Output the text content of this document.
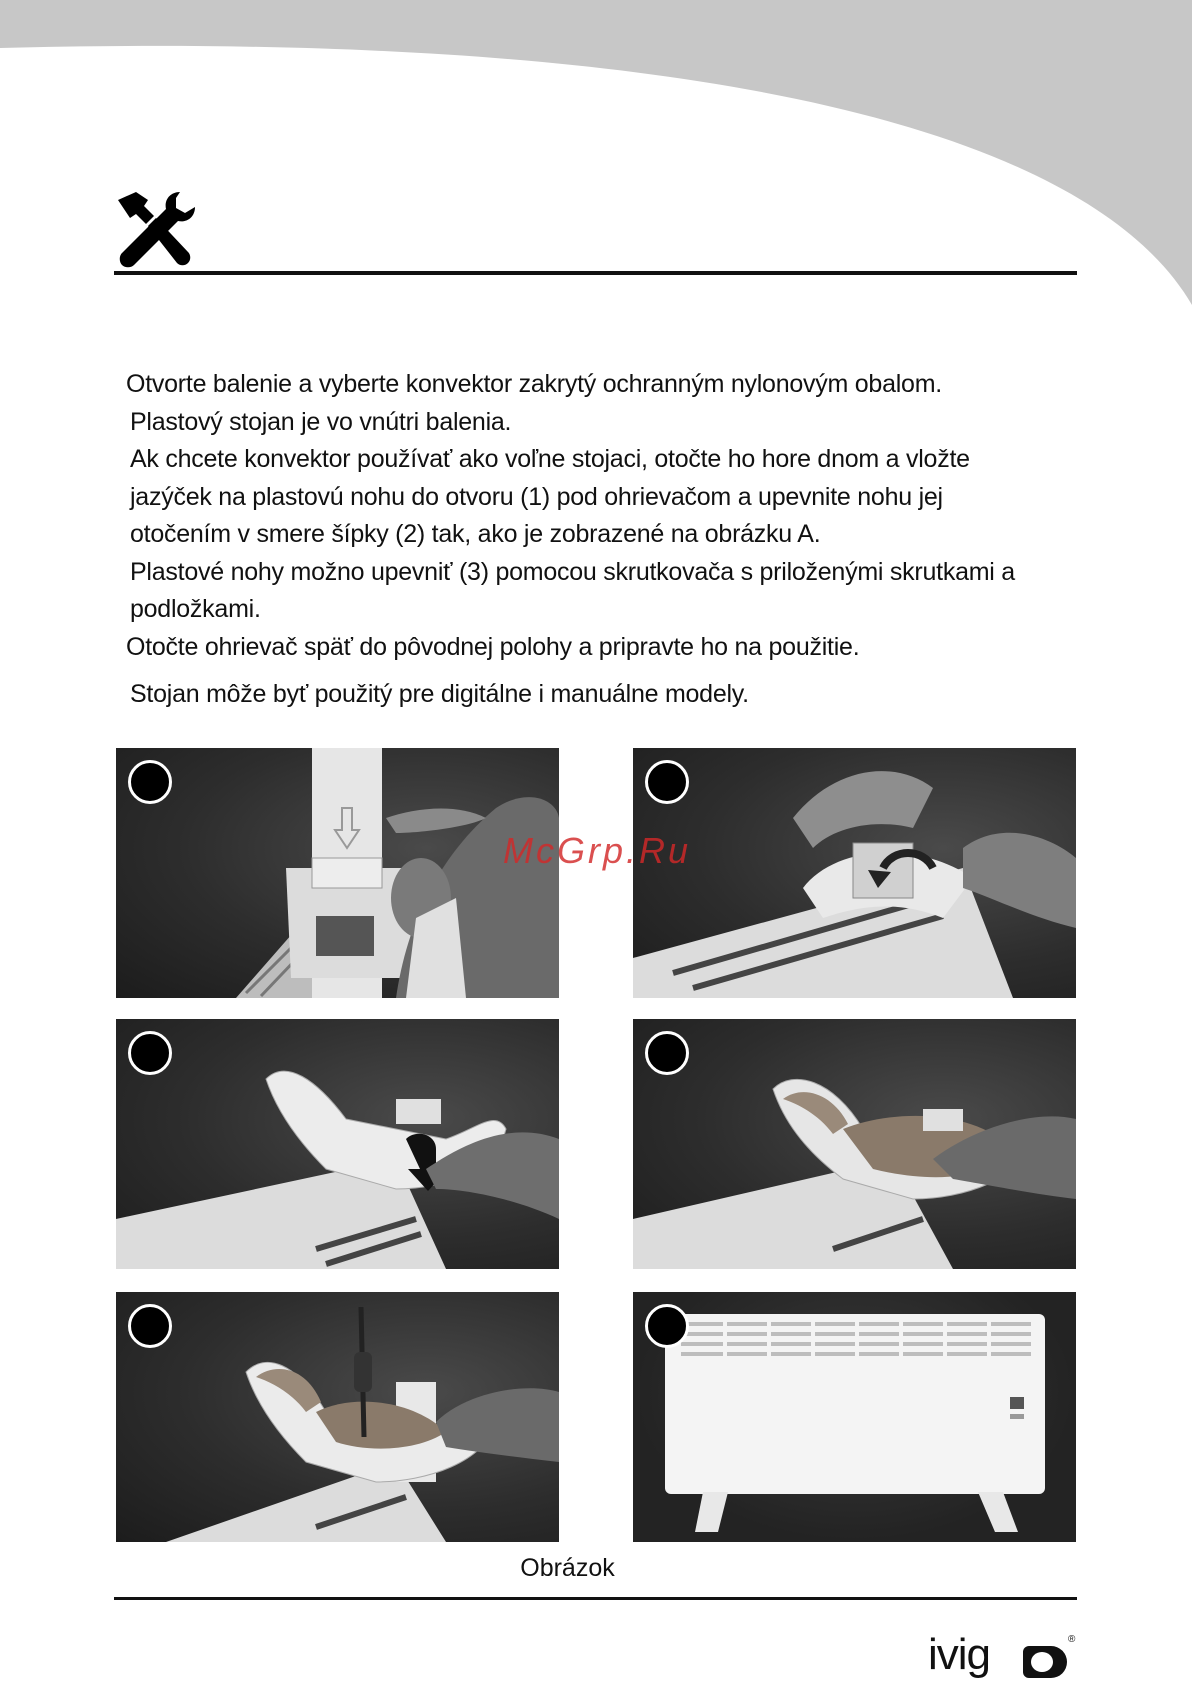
Otvorte balenie a vyberte konvektor zakrytý ochranným nylonovým obalom.

Plastový stojan je vo vnútri balenia.

Ak chcete konvektor používať ako voľne stojaci, otočte ho hore dnom a vložte

jazýček na plastovú nohu do otvoru (1) pod ohrievačom a upevnite nohu jej

otočením v smere šípky (2) tak, ako je zobrazené na obrázku A.

Plastové nohy možno upevniť (3) pomocou skrutkovača s priloženými skrutkami a

podložkami.

Otočte ohrievač späť do pôvodnej polohy a pripravte ho na použitie.

Stojan môže byť použitý pre digitálne i manuálne modely.

McGrp.Ru
Obrázok
ivig	®
